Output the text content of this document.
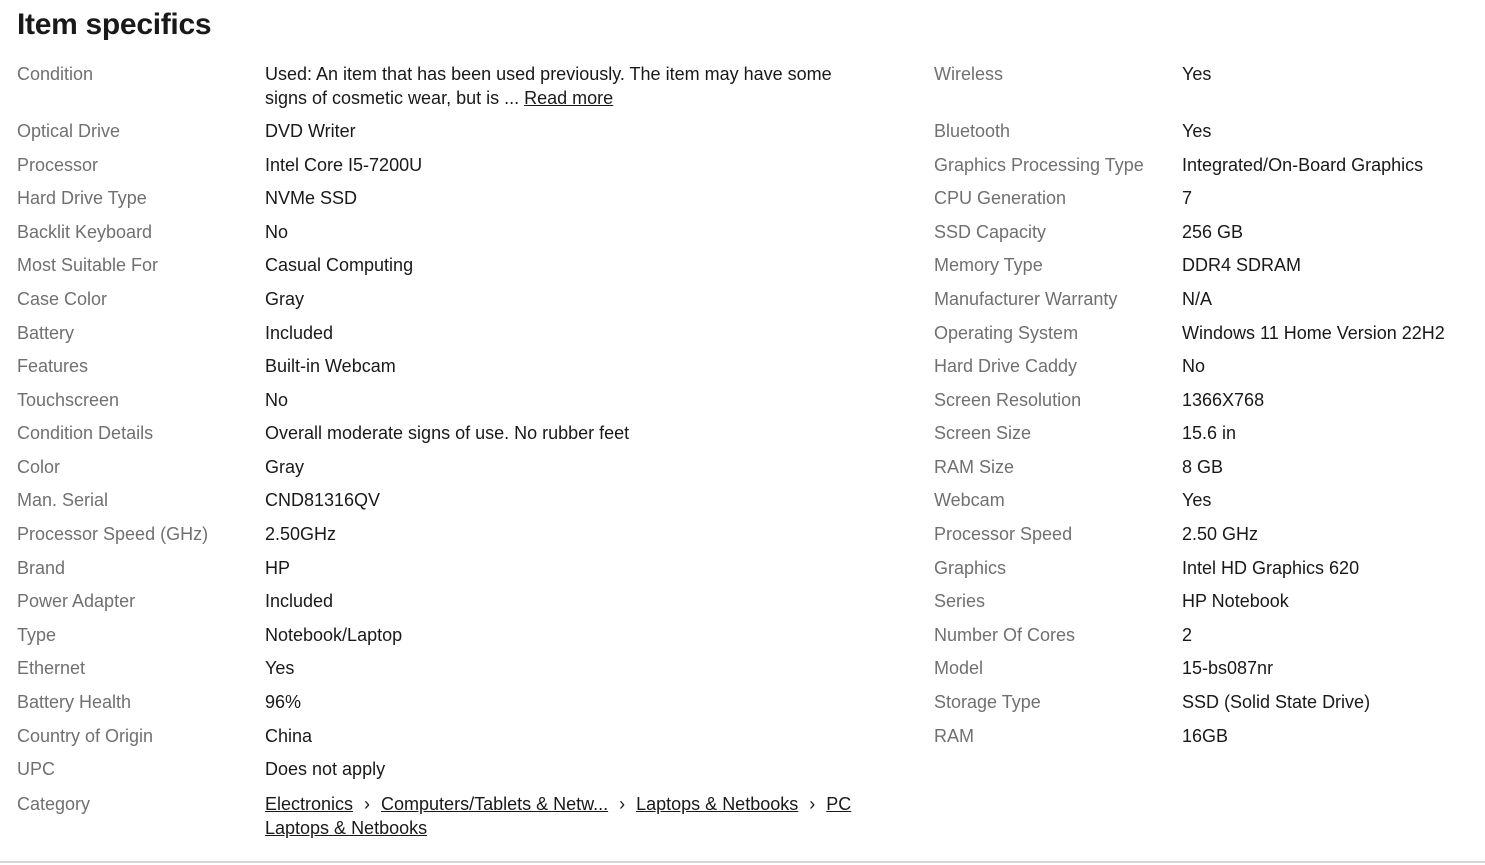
Item specifics
Condition	Used: An item that has been used previously. The item may have some signs of cosmetic wear, but is ... Read more
Optical Drive	DVD Writer
Processor	Intel Core I5-7200U
Hard Drive Type	NVMe SSD
Backlit Keyboard	No
Most Suitable For	Casual Computing
Case Color	Gray
Battery	Included
Features	Built-in Webcam
Touchscreen	No
Condition Details	Overall moderate signs of use. No rubber feet
Color	Gray
Man. Serial	CND81316QV
Processor Speed (GHz)	2.50GHz
Brand	HP
Power Adapter	Included
Type	Notebook/Laptop
Ethernet	Yes
Battery Health	96%
Country of Origin	China
UPC	Does not apply
Category	Electronics › Computers/Tablets & Netw... › Laptops & Netbooks › PC Laptops & Netbooks
Wireless	Yes
Bluetooth	Yes
Graphics Processing Type	Integrated/On-Board Graphics
CPU Generation	7
SSD Capacity	256 GB
Memory Type	DDR4 SDRAM
Manufacturer Warranty	N/A
Operating System	Windows 11 Home Version 22H2
Hard Drive Caddy	No
Screen Resolution	1366X768
Screen Size	15.6 in
RAM Size	8 GB
Webcam	Yes
Processor Speed	2.50 GHz
Graphics	Intel HD Graphics 620
Series	HP Notebook
Number Of Cores	2
Model	15-bs087nr
Storage Type	SSD (Solid State Drive)
RAM	16GB
